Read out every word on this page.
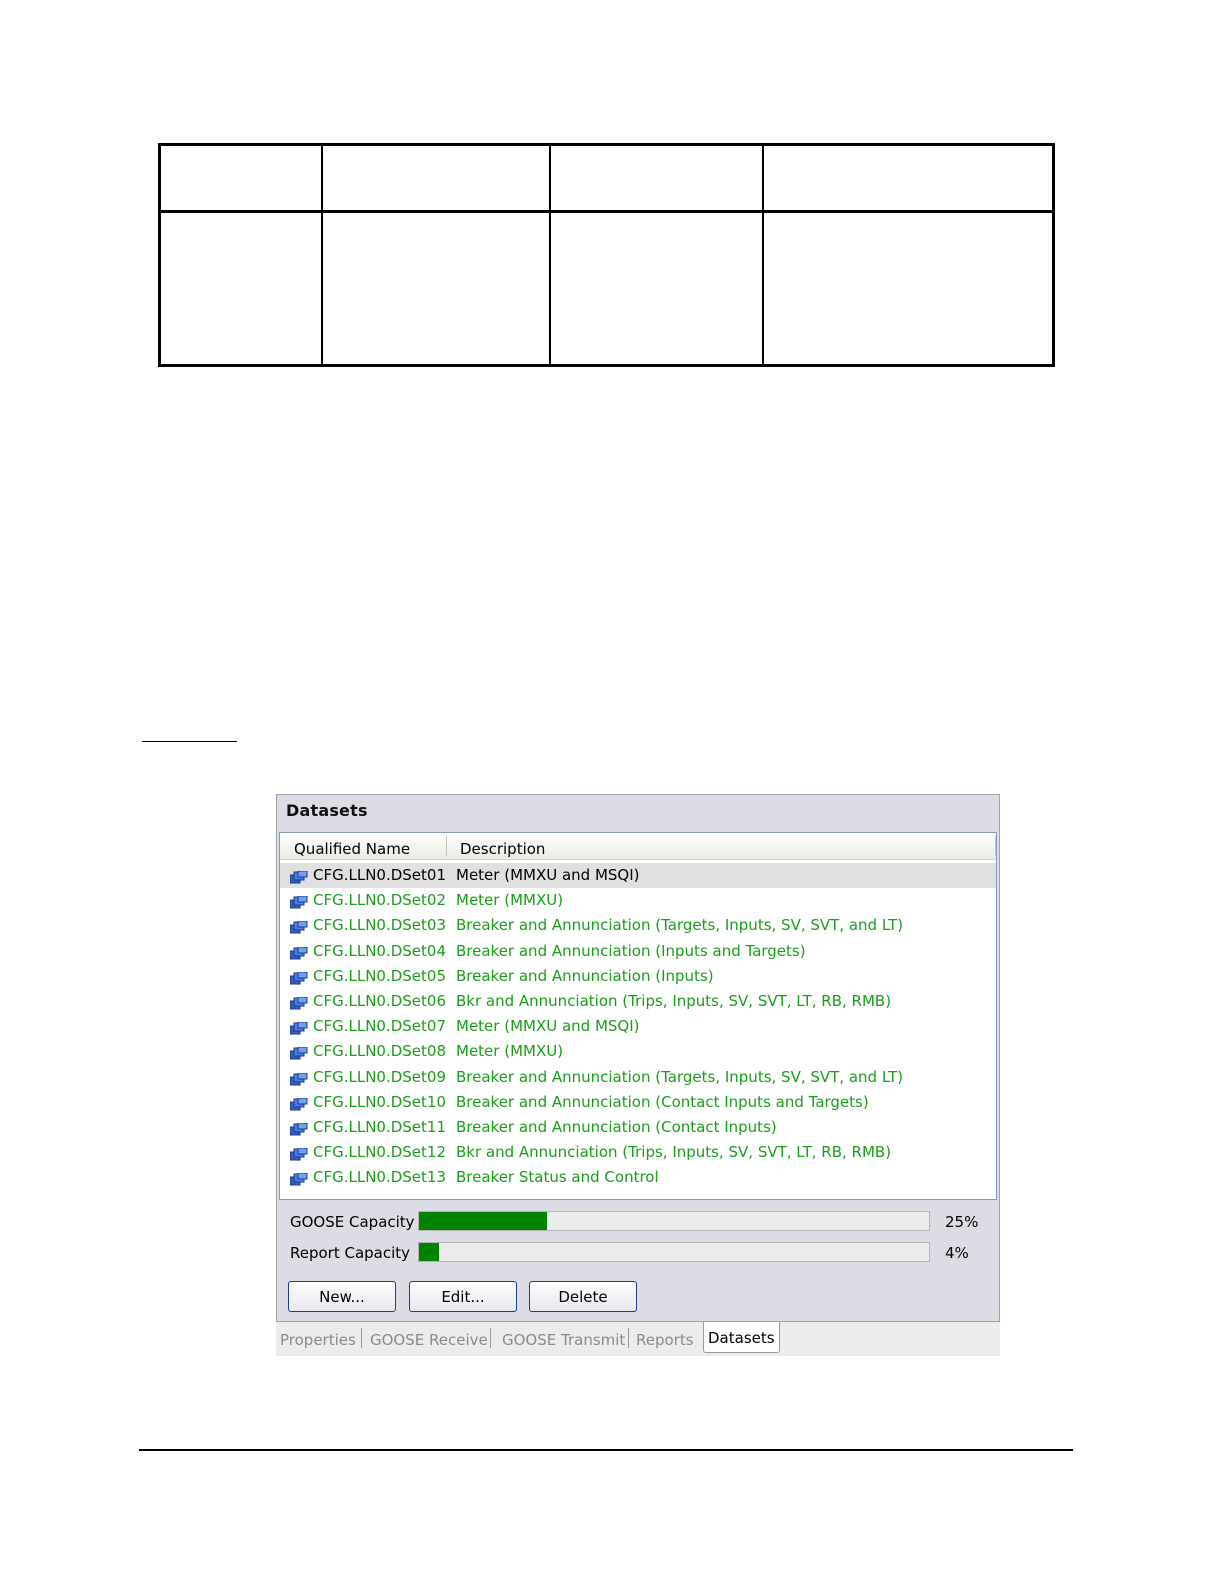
Datasets
Qualified Name	Description
CFG.LLN0.DSet01 Meter (MMXU and MSQI)
CFG.LLN0.DSet02 Meter (MMXU)
CFG.LLN0.DSet03 Breaker and Annunciation (Targets, Inputs, SV, SVT, and LT)
CFG.LLN0.DSet04 Breaker and Annunciation (Inputs and Targets)
CFG.LLN0.DSet05 Breaker and Annunciation (Inputs)
CFG.LLN0.DSet06 Bkr and Annunciation (Trips, Inputs, SV, SVT, LT, RB, RMB)
CFG.LLN0.DSet07 Meter (MMXU and MSQI)
CFG.LLN0.DSet08 Meter (MMXU)
CFG.LLN0.DSet09 Breaker and Annunciation (Targets, Inputs, SV, SVT, and LT)
CFG.LLN0.DSet10 Breaker and Annunciation (Contact Inputs and Targets)
CFG.LLN0.DSet11 Breaker and Annunciation (Contact Inputs)
CFG.LLN0.DSet12 Bkr and Annunciation (Trips, Inputs, SV, SVT, LT, RB, RMB)
CFG.LLN0.DSet13 Breaker Status and Control
GOOSE Capacity	25%
Report Capacity	4%
New...	Edit...	Delete
Properties GOOSE Receive GOOSE Transmit Reports Datasets
